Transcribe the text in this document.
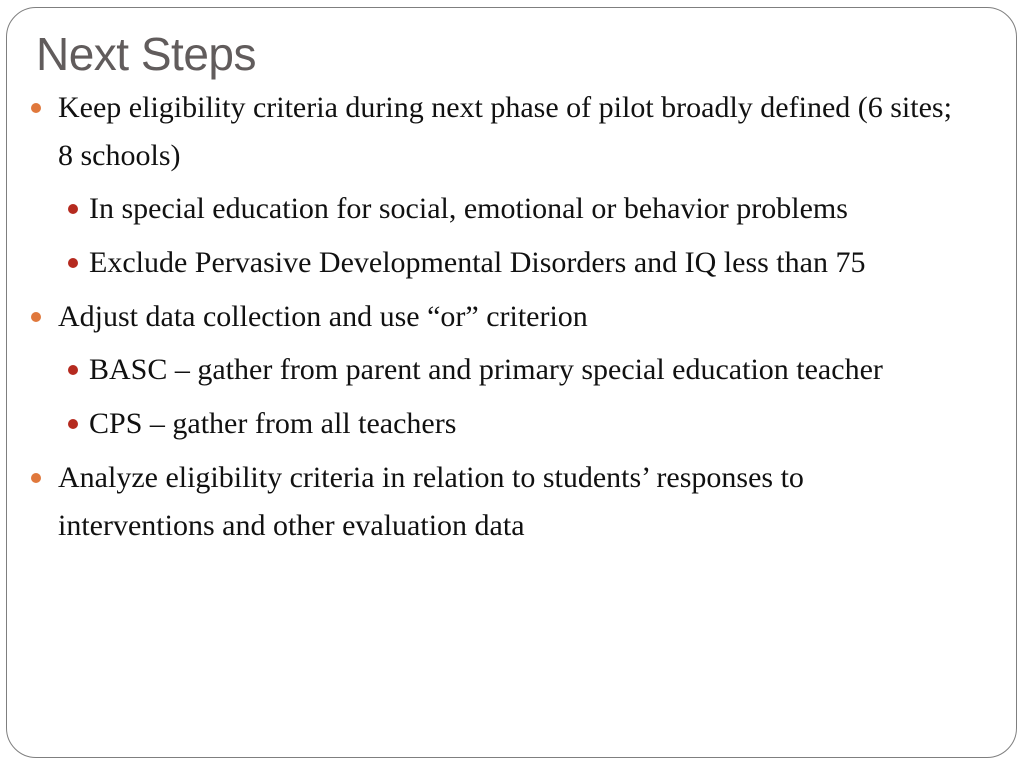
Next Steps
Keep eligibility criteria during next phase of pilot broadly defined (6 sites; 8 schools)
In special education for social, emotional or behavior problems
Exclude Pervasive Developmental Disorders and IQ less than 75
Adjust data collection and use “or” criterion
BASC – gather from parent and primary special education teacher
CPS – gather from all teachers
Analyze eligibility criteria in relation to students’ responses to interventions and other evaluation data
